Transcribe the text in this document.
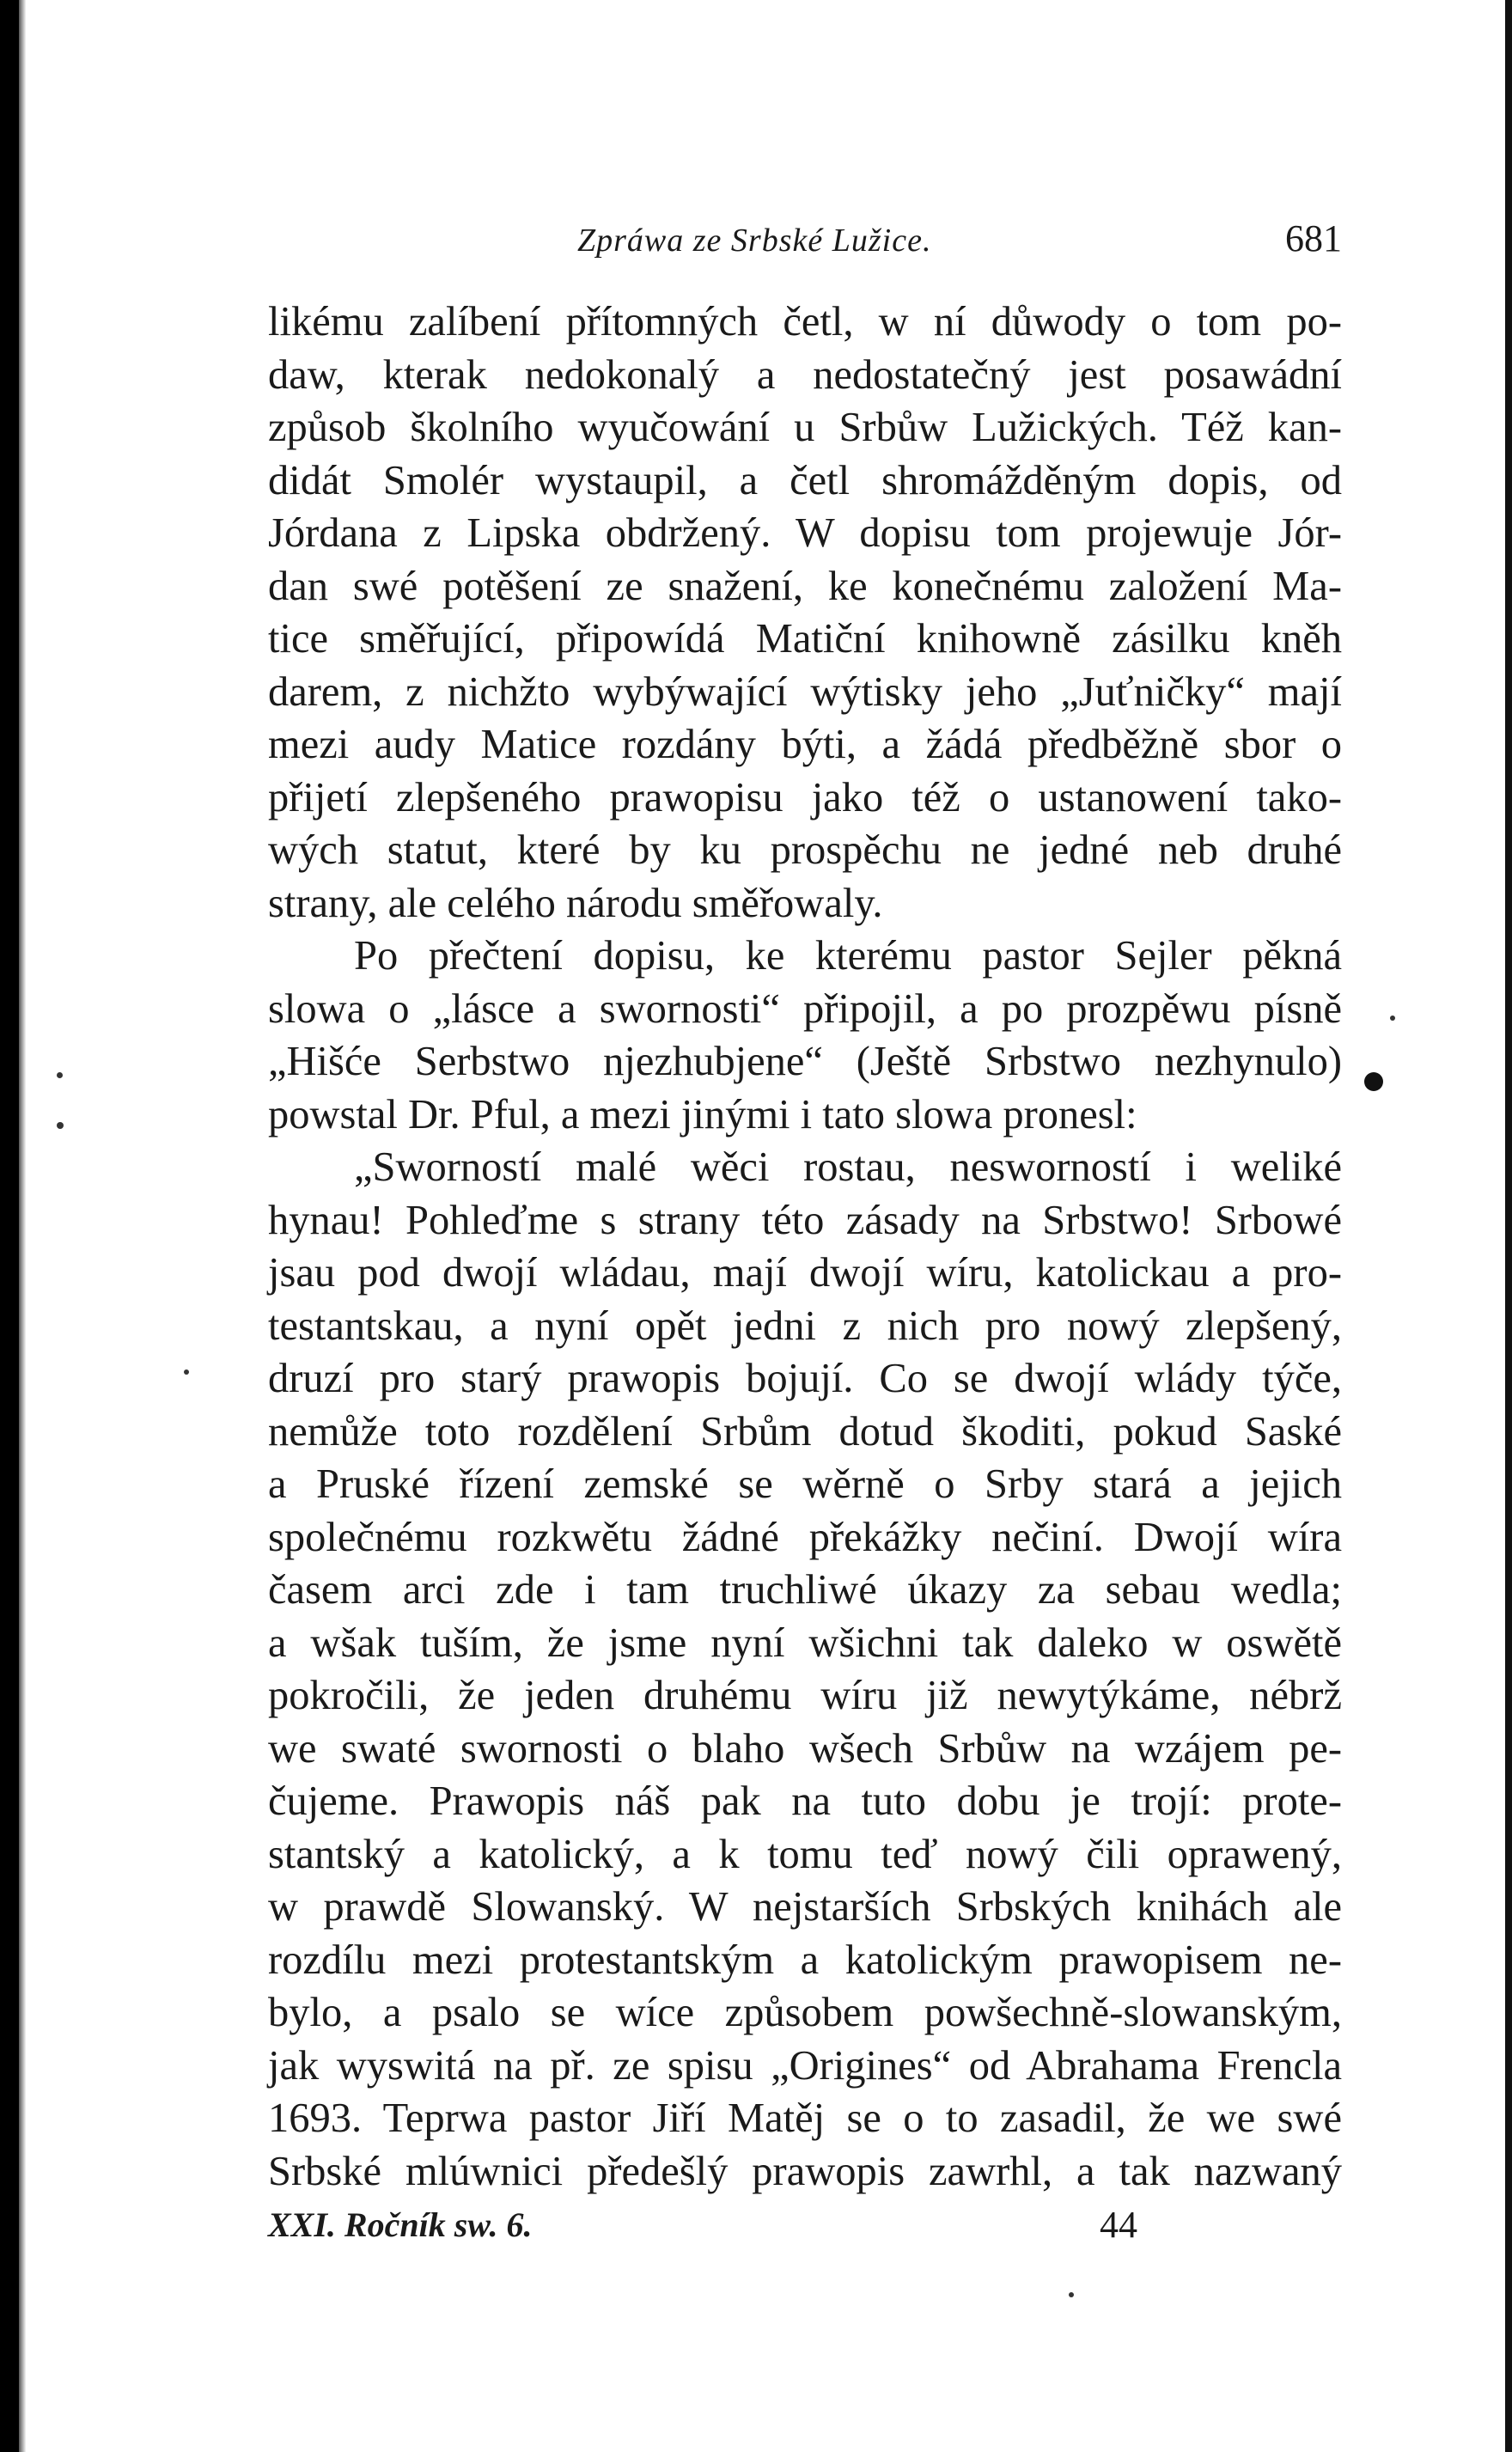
Zpráwa ze Srbské Lužice.	681
likému zalíbení přítomných četl, w ní důwody o tom po-
daw, kterak nedokonalý a nedostatečný jest posawádní
způsob školního wyučowání u Srbůw Lužických. Též kan-
didát Smolér wystaupil, a četl shromážděným dopis, od
Jórdana z Lipska obdržený. W dopisu tom projewuje Jór-
dan swé potěšení ze snažení, ke konečnému založení Ma-
tice směřující, připowídá Matiční knihowně zásilku kněh
darem, z nichžto wybýwající wýtisky jeho „Juťničky“ mají
mezi audy Matice rozdány býti, a žádá předběžně sbor o
přijetí zlepšeného prawopisu jako též o ustanowení tako-
wých statut, které by ku prospěchu ne jedné neb druhé
strany, ale celého národu směřowaly.
Po přečtení dopisu, ke kterému pastor Sejler pěkná
slowa o „lásce a swornosti“ připojil, a po prozpěwu písně
„Hišće Serbstwo njezhubjene“ (Ještě Srbstwo nezhynulo)
powstal Dr. Pful, a mezi jinými i tato slowa pronesl:
„Sworností malé wěci rostau, nesworností i weliké
hynau! Pohleďme s strany této zásady na Srbstwo! Srbowé
jsau pod dwojí wládau, mají dwojí wíru, katolickau a pro-
testantskau, a nyní opět jedni z nich pro nowý zlepšený,
druzí pro starý prawopis bojují. Co se dwojí wlády týče,
nemůže toto rozdělení Srbům dotud škoditi, pokud Saské
a Pruské řízení zemské se wěrně o Srby stará a jejich
společnému rozkwětu žádné překážky nečiní. Dwojí wíra
časem arci zde i tam truchliwé úkazy za sebau wedla;
a wšak tuším, že jsme nyní wšichni tak daleko w oswětě
pokročili, že jeden druhému wíru již newytýkáme, nébrž
we swaté swornosti o blaho wšech Srbůw na wzájem pe-
čujeme. Prawopis náš pak na tuto dobu je trojí: prote-
stantský a katolický, a k tomu teď nowý čili oprawený,
w prawdě Slowanský. W nejstarších Srbských knihách ale
rozdílu mezi protestantským a katolickým prawopisem ne-
bylo, a psalo se wíce způsobem powšechně-slowanským,
jak wyswitá na př. ze spisu „Origines“ od Abrahama Frencla
1693. Teprwa pastor Jiří Matěj se o to zasadil, že we swé
Srbské mlúwnici předešlý prawopis zawrhl, a tak nazwaný
XXI. Ročník sw. 6.	44
